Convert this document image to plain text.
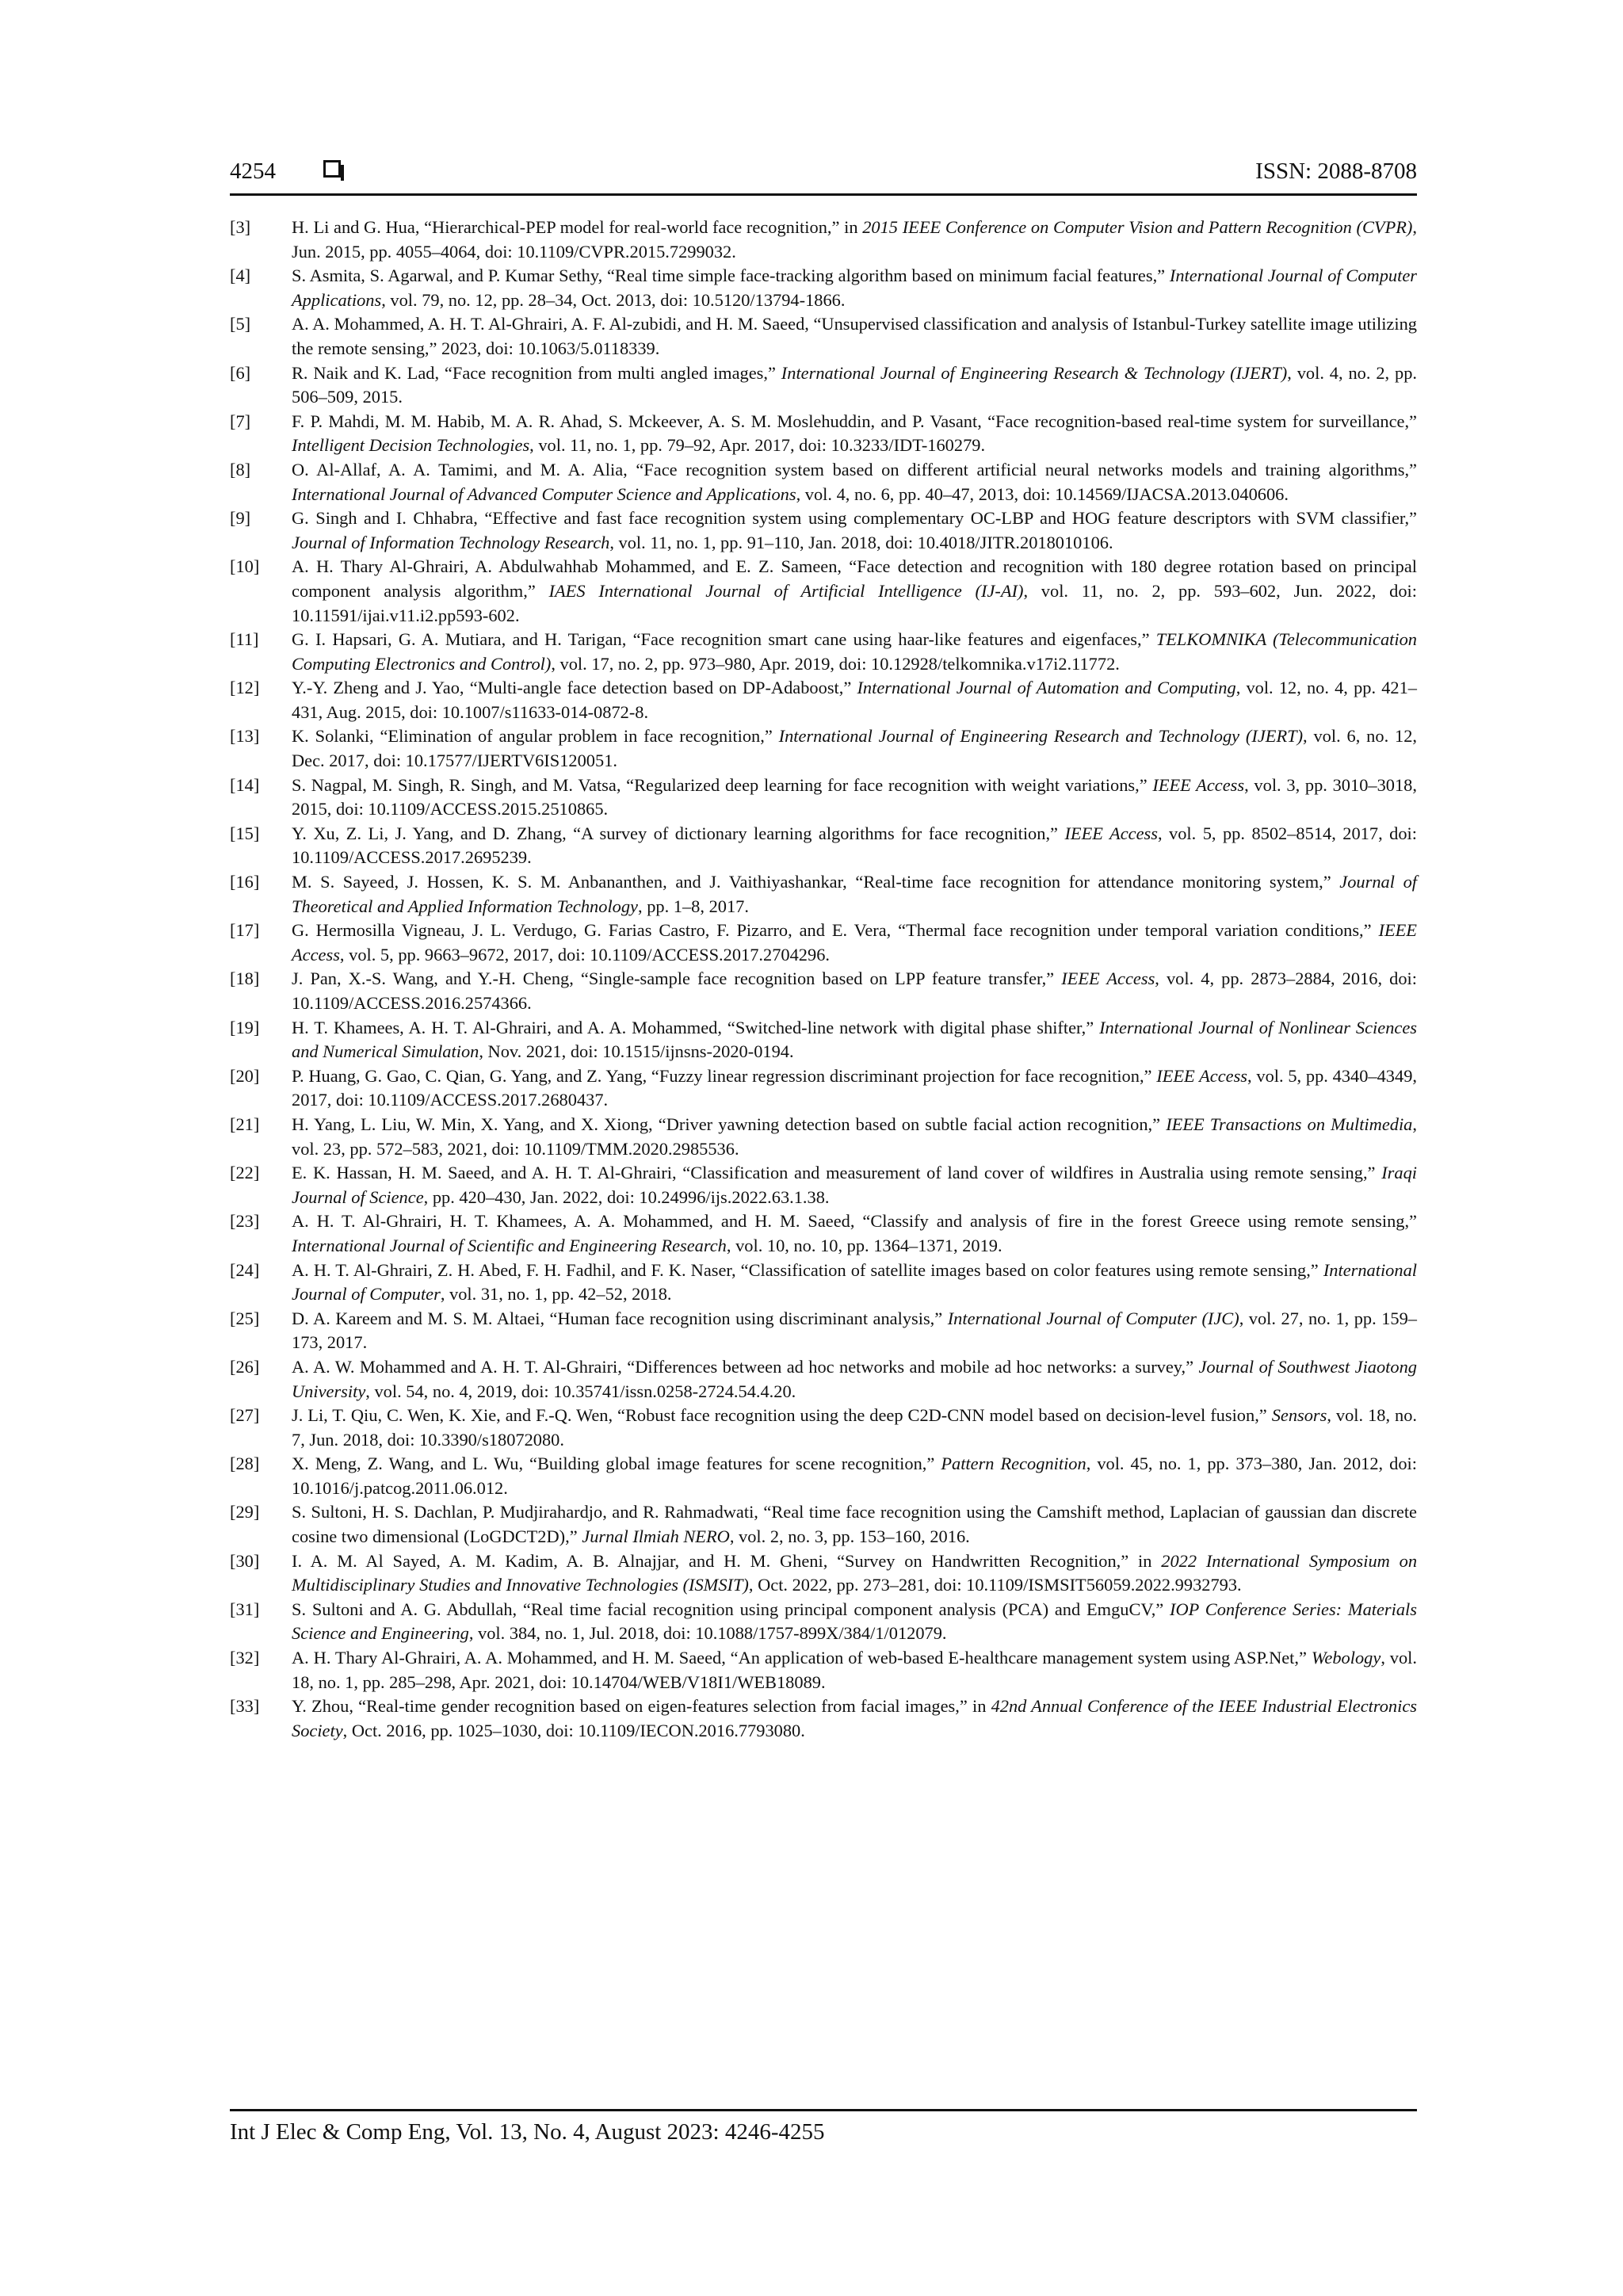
4254	ISSN: 2088-8708
[3] H. Li and G. Hua, “Hierarchical-PEP model for real-world face recognition,” in 2015 IEEE Conference on Computer Vision and Pattern Recognition (CVPR), Jun. 2015, pp. 4055–4064, doi: 10.1109/CVPR.2015.7299032.
[4] S. Asmita, S. Agarwal, and P. Kumar Sethy, “Real time simple face-tracking algorithm based on minimum facial features,” International Journal of Computer Applications, vol. 79, no. 12, pp. 28–34, Oct. 2013, doi: 10.5120/13794-1866.
[5] A. A. Mohammed, A. H. T. Al-Ghrairi, A. F. Al-zubidi, and H. M. Saeed, “Unsupervised classification and analysis of Istanbul-Turkey satellite image utilizing the remote sensing,” 2023, doi: 10.1063/5.0118339.
[6] R. Naik and K. Lad, “Face recognition from multi angled images,” International Journal of Engineering Research & Technology (IJERT), vol. 4, no. 2, pp. 506–509, 2015.
[7] F. P. Mahdi, M. M. Habib, M. A. R. Ahad, S. Mckeever, A. S. M. Moslehuddin, and P. Vasant, “Face recognition-based real-time system for surveillance,” Intelligent Decision Technologies, vol. 11, no. 1, pp. 79–92, Apr. 2017, doi: 10.3233/IDT-160279.
[8] O. Al-Allaf, A. A. Tamimi, and M. A. Alia, “Face recognition system based on different artificial neural networks models and training algorithms,” International Journal of Advanced Computer Science and Applications, vol. 4, no. 6, pp. 40–47, 2013, doi: 10.14569/IJACSA.2013.040606.
[9] G. Singh and I. Chhabra, “Effective and fast face recognition system using complementary OC-LBP and HOG feature descriptors with SVM classifier,” Journal of Information Technology Research, vol. 11, no. 1, pp. 91–110, Jan. 2018, doi: 10.4018/JITR.2018010106.
[10] A. H. Thary Al-Ghrairi, A. Abdulwahhab Mohammed, and E. Z. Sameen, “Face detection and recognition with 180 degree rotation based on principal component analysis algorithm,” IAES International Journal of Artificial Intelligence (IJ-AI), vol. 11, no. 2, pp. 593–602, Jun. 2022, doi: 10.11591/ijai.v11.i2.pp593-602.
[11] G. I. Hapsari, G. A. Mutiara, and H. Tarigan, “Face recognition smart cane using haar-like features and eigenfaces,” TELKOMNIKA (Telecommunication Computing Electronics and Control), vol. 17, no. 2, pp. 973–980, Apr. 2019, doi: 10.12928/telkomnika.v17i2.11772.
[12] Y.-Y. Zheng and J. Yao, “Multi-angle face detection based on DP-Adaboost,” International Journal of Automation and Computing, vol. 12, no. 4, pp. 421–431, Aug. 2015, doi: 10.1007/s11633-014-0872-8.
[13] K. Solanki, “Elimination of angular problem in face recognition,” International Journal of Engineering Research and Technology (IJERT), vol. 6, no. 12, Dec. 2017, doi: 10.17577/IJERTV6IS120051.
[14] S. Nagpal, M. Singh, R. Singh, and M. Vatsa, “Regularized deep learning for face recognition with weight variations,” IEEE Access, vol. 3, pp. 3010–3018, 2015, doi: 10.1109/ACCESS.2015.2510865.
[15] Y. Xu, Z. Li, J. Yang, and D. Zhang, “A survey of dictionary learning algorithms for face recognition,” IEEE Access, vol. 5, pp. 8502–8514, 2017, doi: 10.1109/ACCESS.2017.2695239.
[16] M. S. Sayeed, J. Hossen, K. S. M. Anbananthen, and J. Vaithiyashankar, “Real-time face recognition for attendance monitoring system,” Journal of Theoretical and Applied Information Technology, pp. 1–8, 2017.
[17] G. Hermosilla Vigneau, J. L. Verdugo, G. Farias Castro, F. Pizarro, and E. Vera, “Thermal face recognition under temporal variation conditions,” IEEE Access, vol. 5, pp. 9663–9672, 2017, doi: 10.1109/ACCESS.2017.2704296.
[18] J. Pan, X.-S. Wang, and Y.-H. Cheng, “Single-sample face recognition based on LPP feature transfer,” IEEE Access, vol. 4, pp. 2873–2884, 2016, doi: 10.1109/ACCESS.2016.2574366.
[19] H. T. Khamees, A. H. T. Al-Ghrairi, and A. A. Mohammed, “Switched-line network with digital phase shifter,” International Journal of Nonlinear Sciences and Numerical Simulation, Nov. 2021, doi: 10.1515/ijnsns-2020-0194.
[20] P. Huang, G. Gao, C. Qian, G. Yang, and Z. Yang, “Fuzzy linear regression discriminant projection for face recognition,” IEEE Access, vol. 5, pp. 4340–4349, 2017, doi: 10.1109/ACCESS.2017.2680437.
[21] H. Yang, L. Liu, W. Min, X. Yang, and X. Xiong, “Driver yawning detection based on subtle facial action recognition,” IEEE Transactions on Multimedia, vol. 23, pp. 572–583, 2021, doi: 10.1109/TMM.2020.2985536.
[22] E. K. Hassan, H. M. Saeed, and A. H. T. Al-Ghrairi, “Classification and measurement of land cover of wildfires in Australia using remote sensing,” Iraqi Journal of Science, pp. 420–430, Jan. 2022, doi: 10.24996/ijs.2022.63.1.38.
[23] A. H. T. Al-Ghrairi, H. T. Khamees, A. A. Mohammed, and H. M. Saeed, “Classify and analysis of fire in the forest Greece using remote sensing,” International Journal of Scientific and Engineering Research, vol. 10, no. 10, pp. 1364–1371, 2019.
[24] A. H. T. Al-Ghrairi, Z. H. Abed, F. H. Fadhil, and F. K. Naser, “Classification of satellite images based on color features using remote sensing,” International Journal of Computer, vol. 31, no. 1, pp. 42–52, 2018.
[25] D. A. Kareem and M. S. M. Altaei, “Human face recognition using discriminant analysis,” International Journal of Computer (IJC), vol. 27, no. 1, pp. 159–173, 2017.
[26] A. A. W. Mohammed and A. H. T. Al-Ghrairi, “Differences between ad hoc networks and mobile ad hoc networks: a survey,” Journal of Southwest Jiaotong University, vol. 54, no. 4, 2019, doi: 10.35741/issn.0258-2724.54.4.20.
[27] J. Li, T. Qiu, C. Wen, K. Xie, and F.-Q. Wen, “Robust face recognition using the deep C2D-CNN model based on decision-level fusion,” Sensors, vol. 18, no. 7, Jun. 2018, doi: 10.3390/s18072080.
[28] X. Meng, Z. Wang, and L. Wu, “Building global image features for scene recognition,” Pattern Recognition, vol. 45, no. 1, pp. 373–380, Jan. 2012, doi: 10.1016/j.patcog.2011.06.012.
[29] S. Sultoni, H. S. Dachlan, P. Mudjirahardjo, and R. Rahmadwati, “Real time face recognition using the Camshift method, Laplacian of gaussian dan discrete cosine two dimensional (LoGDCT2D),” Jurnal Ilmiah NERO, vol. 2, no. 3, pp. 153–160, 2016.
[30] I. A. M. Al Sayed, A. M. Kadim, A. B. Alnajjar, and H. M. Gheni, “Survey on Handwritten Recognition,” in 2022 International Symposium on Multidisciplinary Studies and Innovative Technologies (ISMSIT), Oct. 2022, pp. 273–281, doi: 10.1109/ISMSIT56059.2022.9932793.
[31] S. Sultoni and A. G. Abdullah, “Real time facial recognition using principal component analysis (PCA) and EmguCV,” IOP Conference Series: Materials Science and Engineering, vol. 384, no. 1, Jul. 2018, doi: 10.1088/1757-899X/384/1/012079.
[32] A. H. Thary Al-Ghrairi, A. A. Mohammed, and H. M. Saeed, “An application of web-based E-healthcare management system using ASP.Net,” Webology, vol. 18, no. 1, pp. 285–298, Apr. 2021, doi: 10.14704/WEB/V18I1/WEB18089.
[33] Y. Zhou, “Real-time gender recognition based on eigen-features selection from facial images,” in 42nd Annual Conference of the IEEE Industrial Electronics Society, Oct. 2016, pp. 1025–1030, doi: 10.1109/IECON.2016.7793080.
Int J Elec & Comp Eng, Vol. 13, No. 4, August 2023: 4246-4255
